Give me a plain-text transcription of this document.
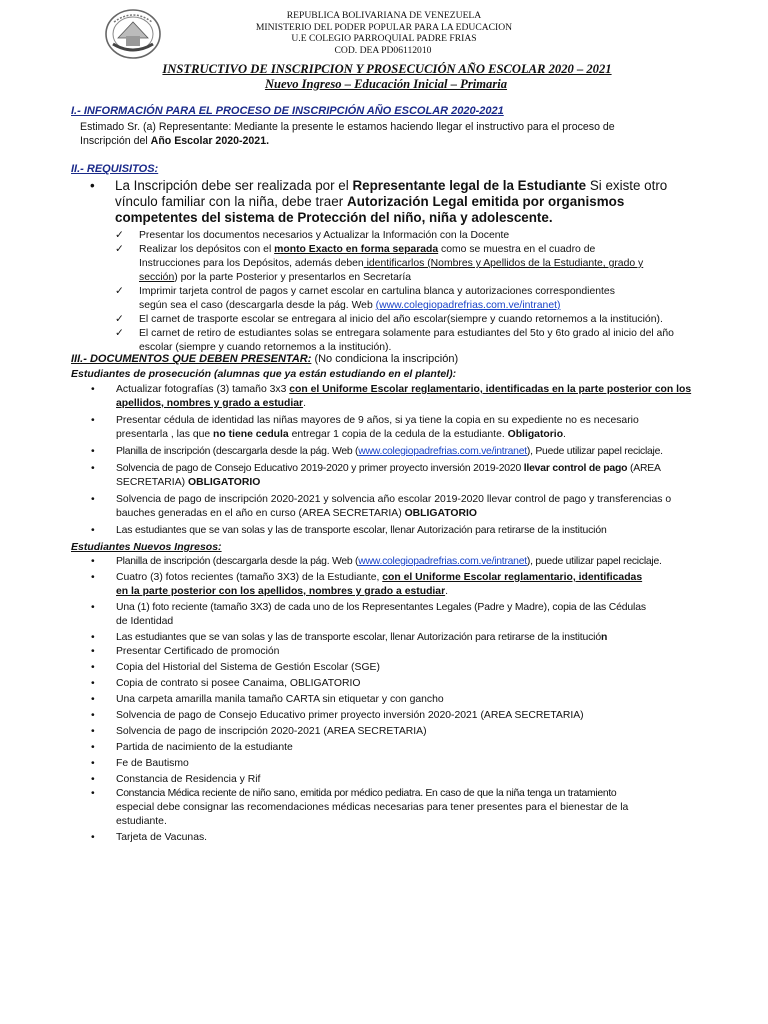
REPUBLICA BOLIVARIANA DE VENEZUELA
MINISTERIO DEL PODER POPULAR PARA LA EDUCACION
U.E COLEGIO PARROQUIAL PADRE FRIAS
COD. DEA PD06112010
INSTRUCTIVO DE INSCRIPCION Y PROSECUCIÓN AÑO ESCOLAR 2020 – 2021
Nuevo Ingreso – Educación Inicial – Primaria
I.- INFORMACIÓN PARA EL PROCESO DE INSCRIPCIÓN AÑO ESCOLAR 2020-2021
Estimado Sr. (a) Representante: Mediante la presente le estamos haciendo llegar el instructivo para el proceso de
Inscripción del Año Escolar 2020-2021.
II.- REQUISITOS:
• La Inscripción debe ser realizada por el Representante legal de la Estudiante Si existe otro
vínculo familiar con la niña, debe traer Autorización Legal emitida por organismos
competentes del sistema de Protección del niño, niña y adolescente.
✓ Presentar los documentos necesarios y Actualizar la Información con la Docente
✓ Realizar los depósitos con el monto Exacto en forma separada como se muestra en el cuadro de
Instrucciones para los Depósitos, además deben identificarlos (Nombres y Apellidos de la Estudiante, grado y
sección) por la parte Posterior y presentarlos en Secretaría
✓ Imprimir tarjeta control de pagos y carnet escolar en cartulina blanca y autorizaciones correspondientes
según sea el caso (descargarla desde la pág. Web (www.colegiopadrefrias.com.ve/intranet)
✓ El carnet de trasporte escolar se entregara al inicio del año escolar(siempre y cuando retornemos a la institución).
✓ El carnet de retiro de estudiantes solas se entregara solamente para estudiantes del 5to y 6to grado al inicio del año
escolar (siempre y cuando retornemos a la institución).
III.- DOCUMENTOS QUE DEBEN PRESENTAR: (No condiciona la inscripción)
Estudiantes de prosecución (alumnas que ya están estudiando en el plantel):
• Actualizar fotografías (3) tamaño 3x3 con el Uniforme Escolar reglamentario, identificadas en la parte posterior con los
apellidos, nombres y grado a estudiar.
• Presentar cédula de identidad las niñas mayores de 9 años, si ya tiene la copia en su expediente no es necesario
presentarla , las que no tiene cedula entregar 1 copia de la cedula de la estudiante. Obligatorio.
• Planilla de inscripción (descargarla desde la pág. Web (www.colegiopadrefrias.com.ve/intranet), Puede utilizar papel reciclaje.
• Solvencia de pago de Consejo Educativo 2019-2020 y primer proyecto inversión 2019-2020 llevar control de pago (AREA
SECRETARIA) OBLIGATORIO
• Solvencia de pago de inscripción 2020-2021 y solvencia año escolar 2019-2020 llevar control de pago y transferencias o
bauches generadas en el año en curso (AREA SECRETARIA) OBLIGATORIO
• Las estudiantes que se van solas y las de transporte escolar, llenar Autorización para retirarse de la institución
Estudiantes Nuevos Ingresos:
• Planilla de inscripción (descargarla desde la pág. Web (www.colegiopadrefrias.com.ve/intranet), puede utilizar papel reciclaje.
• Cuatro (3) fotos recientes (tamaño 3X3) de la Estudiante, con el Uniforme Escolar reglamentario, identificadas
en la parte posterior con los apellidos, nombres y grado a estudiar.
• Una (1) foto reciente (tamaño 3X3) de cada uno de los Representantes Legales (Padre y Madre), copia de las Cédulas
de Identidad
• Las estudiantes que se van solas y las de transporte escolar, llenar Autorización para retirarse de la institución
• Presentar Certificado de promoción
• Copia del Historial del Sistema de Gestión Escolar (SGE)
• Copia de contrato si posee Canaima, OBLIGATORIO
• Una carpeta amarilla manila tamaño CARTA sin etiquetar y con gancho
• Solvencia de pago de Consejo Educativo primer proyecto inversión 2020-2021 (AREA SECRETARIA)
• Solvencia de pago de inscripción 2020-2021 (AREA SECRETARIA)
• Partida de nacimiento de la estudiante
• Fe de Bautismo
• Constancia de Residencia y Rif
• Constancia Médica reciente de niño sano, emitida por médico pediatra. En caso de que la niña tenga un tratamiento
especial debe consignar las recomendaciones médicas necesarias para tener presentes para el bienestar de la
estudiante.
• Tarjeta de Vacunas.
